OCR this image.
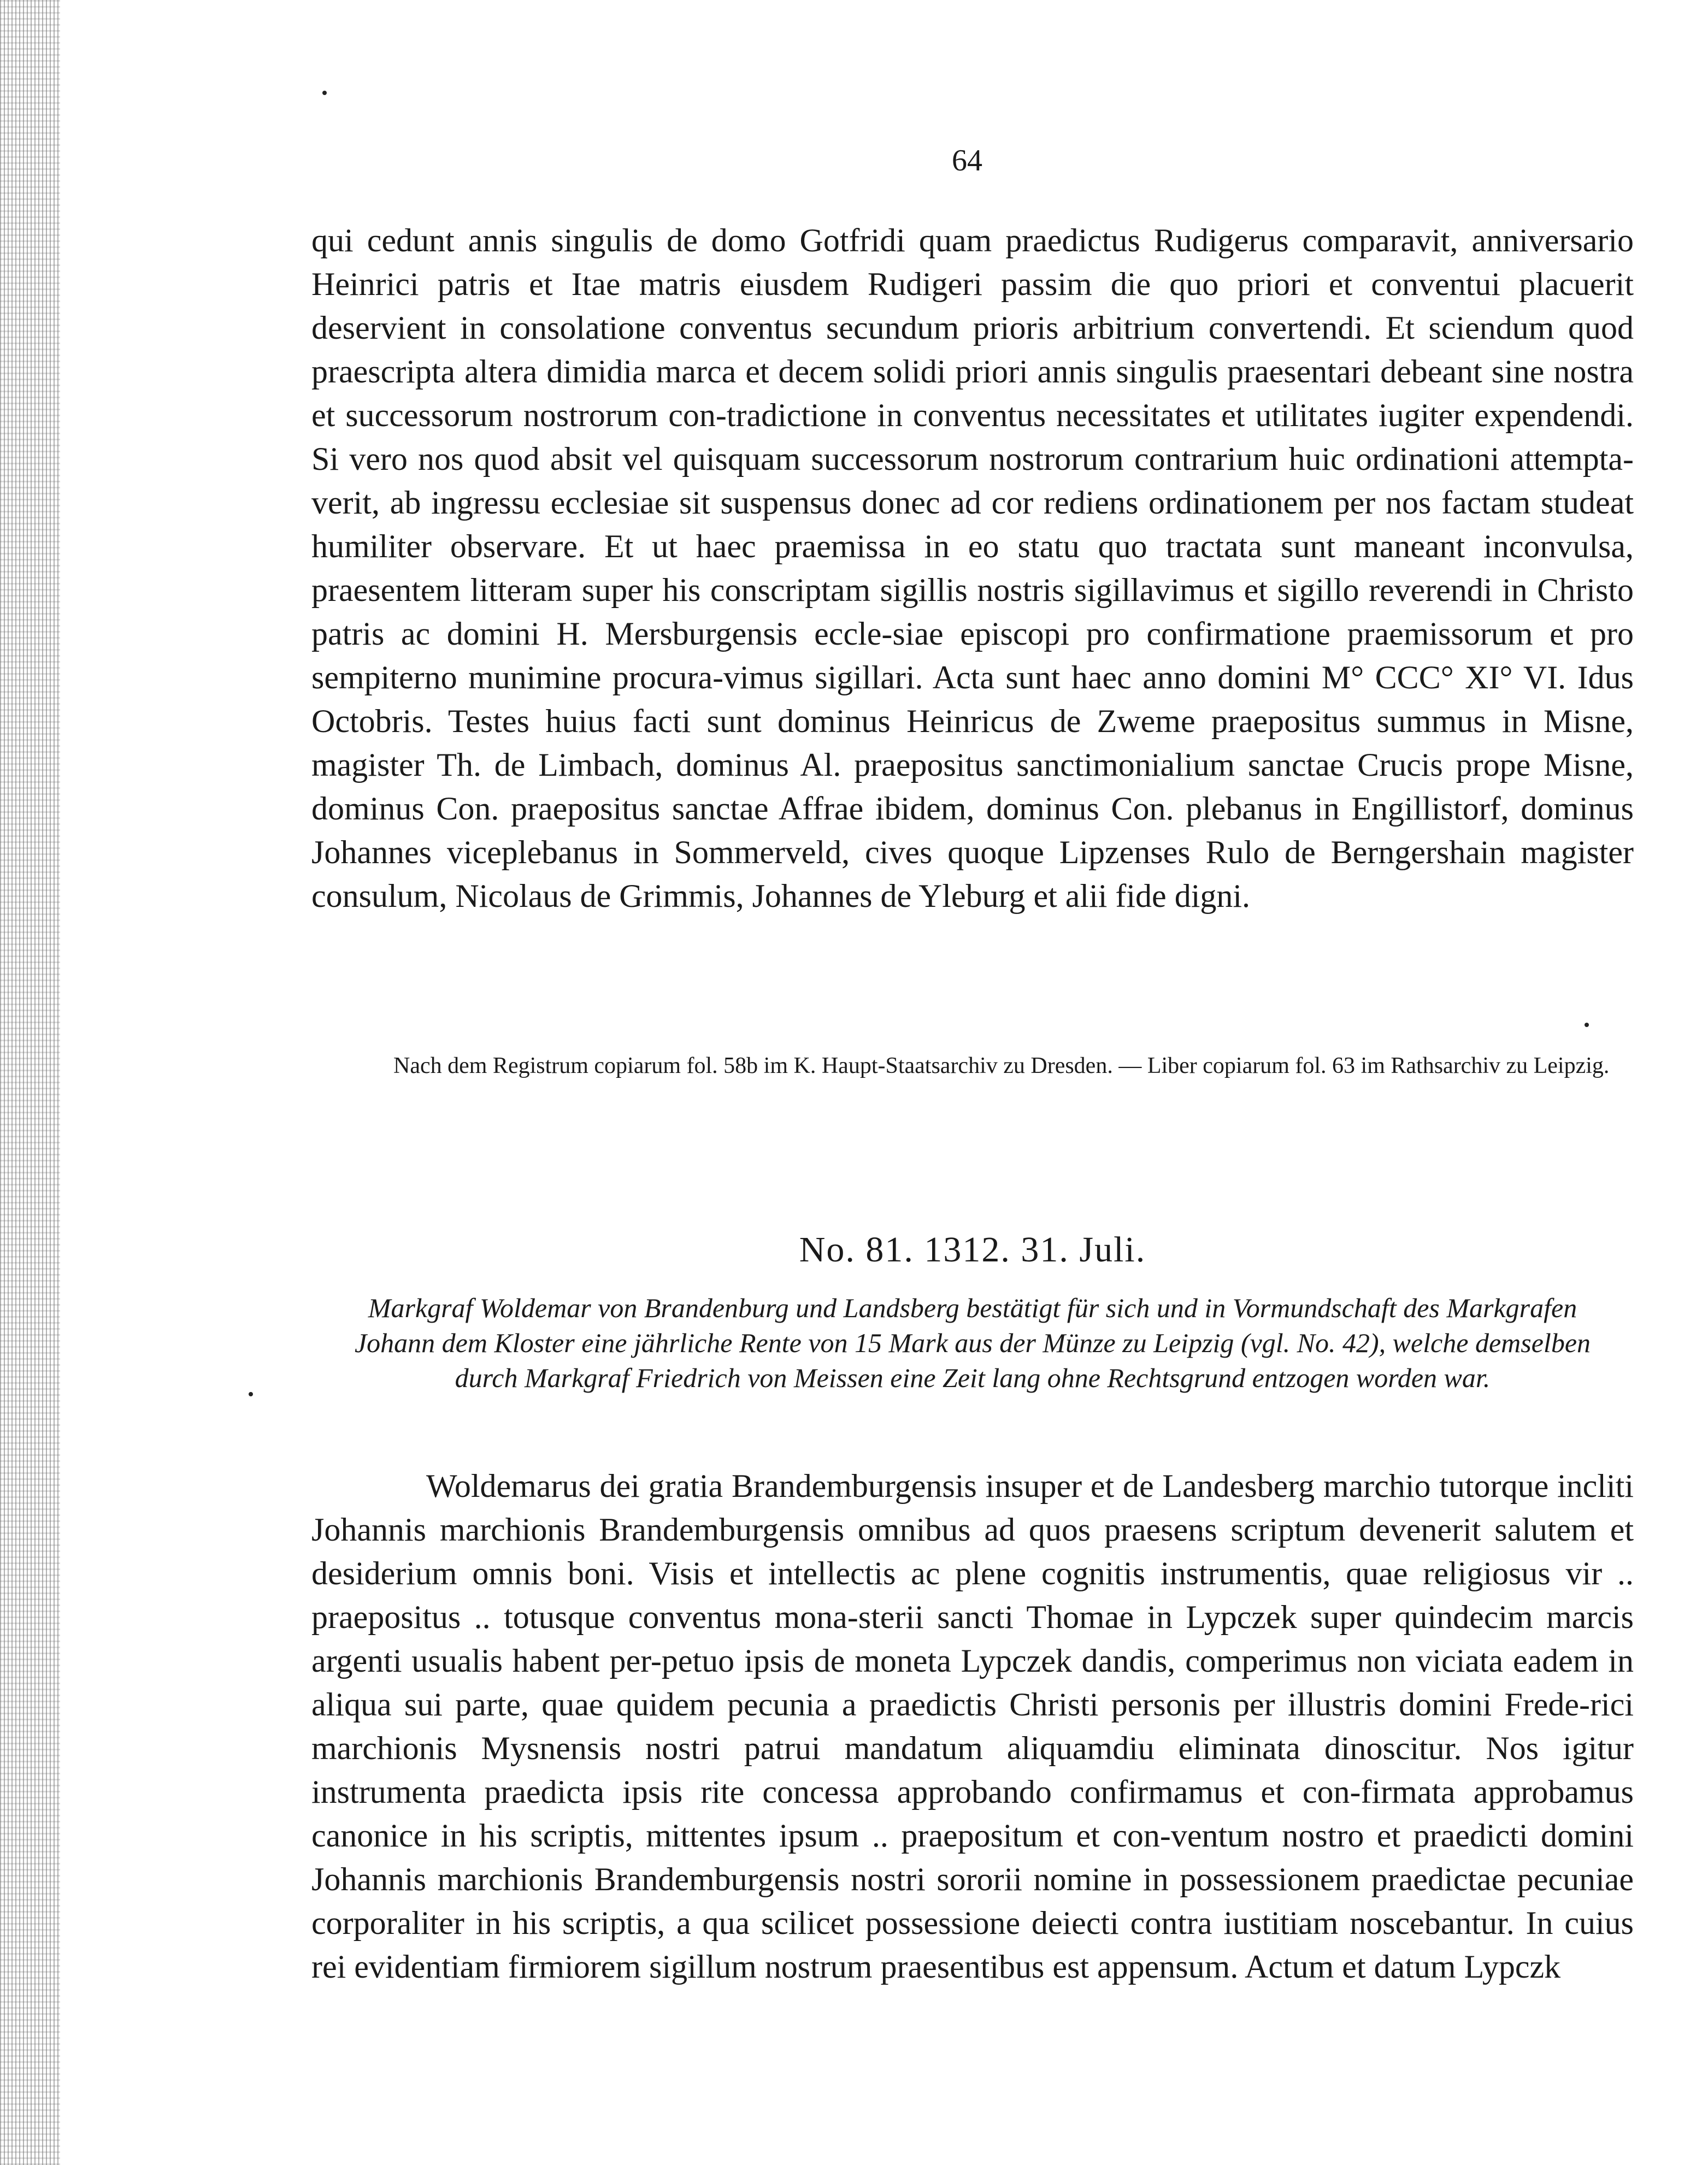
64
qui cedunt annis singulis de domo Gotfridi quam praedictus Rudigerus comparavit, anniversario Heinrici patris et Itae matris eiusdem Rudigeri passim die quo priori et conventui placuerit deservient in consolatione conventus secundum prioris arbitrium convertendi. Et sciendum quod praescripta altera dimidia marca et decem solidi priori annis singulis praesentari debeant sine nostra et successorum nostrorum con-tradictione in conventus necessitates et utilitates iugiter expendendi. Si vero nos quod absit vel quisquam successorum nostrorum contrarium huic ordinationi attempta-verit, ab ingressu ecclesiae sit suspensus donec ad cor rediens ordinationem per nos factam studeat humiliter observare. Et ut haec praemissa in eo statu quo tractata sunt maneant inconvulsa, praesentem litteram super his conscriptam sigillis nostris sigillavimus et sigillo reverendi in Christo patris ac domini H. Mersburgensis eccle-siae episcopi pro confirmatione praemissorum et pro sempiterno munimine procura-vimus sigillari. Acta sunt haec anno domini M° CCC° XI° VI. Idus Octobris. Testes huius facti sunt dominus Heinricus de Zweme praepositus summus in Misne, magister Th. de Limbach, dominus Al. praepositus sanctimonialium sanctae Crucis prope Misne, dominus Con. praepositus sanctae Affrae ibidem, dominus Con. plebanus in Engillistorf, dominus Johannes viceplebanus in Sommerveld, cives quoque Lipzenses Rulo de Berngershain magister consulum, Nicolaus de Grimmis, Johannes de Yleburg et alii fide digni.
Nach dem Registrum copiarum fol. 58b im K. Haupt-Staatsarchiv zu Dresden. — Liber copiarum fol. 63 im Rathsarchiv zu Leipzig.
No. 81. 1312. 31. Juli.
Markgraf Woldemar von Brandenburg und Landsberg bestätigt für sich und in Vormundschaft des Markgrafen Johann dem Kloster eine jährliche Rente von 15 Mark aus der Münze zu Leipzig (vgl. No. 42), welche demselben durch Markgraf Friedrich von Meissen eine Zeit lang ohne Rechtsgrund entzogen worden war.
Woldemarus dei gratia Brandemburgensis insuper et de Landesberg marchio tutorque incliti Johannis marchionis Brandemburgensis omnibus ad quos praesens scriptum devenerit salutem et desiderium omnis boni. Visis et intellectis ac plene cognitis instrumentis, quae religiosus vir .. praepositus .. totusque conventus mona-sterii sancti Thomae in Lypczek super quindecim marcis argenti usualis habent per-petuo ipsis de moneta Lypczek dandis, comperimus non viciata eadem in aliqua sui parte, quae quidem pecunia a praedictis Christi personis per illustris domini Frede-rici marchionis Mysnensis nostri patrui mandatum aliquamdiu eliminata dinoscitur. Nos igitur instrumenta praedicta ipsis rite concessa approbando confirmamus et con-firmata approbamus canonice in his scriptis, mittentes ipsum .. praepositum et con-ventum nostro et praedicti domini Johannis marchionis Brandemburgensis nostri sororii nomine in possessionem praedictae pecuniae corporaliter in his scriptis, a qua scilicet possessione deiecti contra iustitiam noscebantur. In cuius rei evidentiam firmiorem sigillum nostrum praesentibus est appensum. Actum et datum Lypczk
